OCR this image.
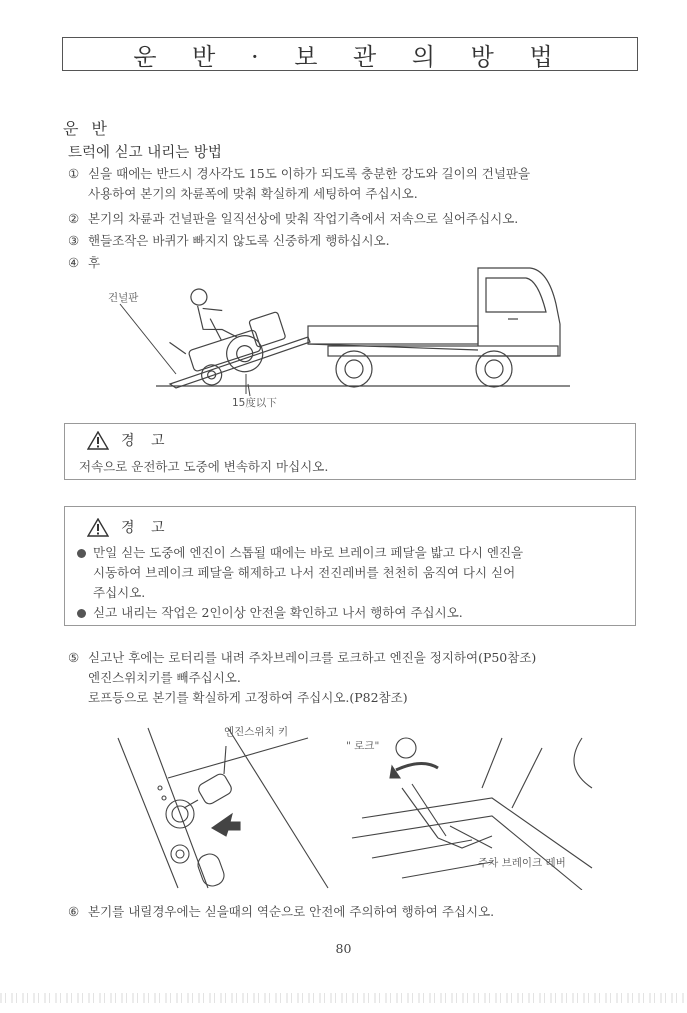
운 반 · 보 관 의 방 법
운 반
트럭에 싣고 내리는 방법
① 싣을 때에는 반드시 경사각도 15도 이하가 되도록 충분한 강도와 길이의 건널판을
사용하여 본기의 차륜폭에 맞춰 확실하게 세팅하여 주십시오.
② 본기의 차륜과 건널판을 일직선상에 맞춰 작업기측에서 저속으로 실어주십시오.
③ 핸들조작은 바퀴가 빠지지 않도록 신중하게 행하십시오.
④ 후
건널판
15度以下
경 고
저속으로 운전하고 도중에 변속하지 마십시오.
경 고
만일 싣는 도중에 엔진이 스톱될 때에는 바로 브레이크 페달을 밟고 다시 엔진을
시동하여 브레이크 페달을 해제하고 나서 전진레버를 천천히 움직여 다시 싣어
주십시오.
싣고 내리는 작업은 2인이상 안전을 확인하고 나서 행하여 주십시오.
⑤ 싣고난 후에는 로터리를 내려 주차브레이크를 로크하고 엔진을 정지하여(P50참조)
엔진스위치키를 빼주십시오.
로프등으로 본기를 확실하게 고정하여 주십시오.(P82참조)
엔진스위치 키
" 로크"
주차 브레이크 레버
⑥ 본기를 내릴경우에는 싣을때의 역순으로 안전에 주의하여 행하여 주십시오.
80
